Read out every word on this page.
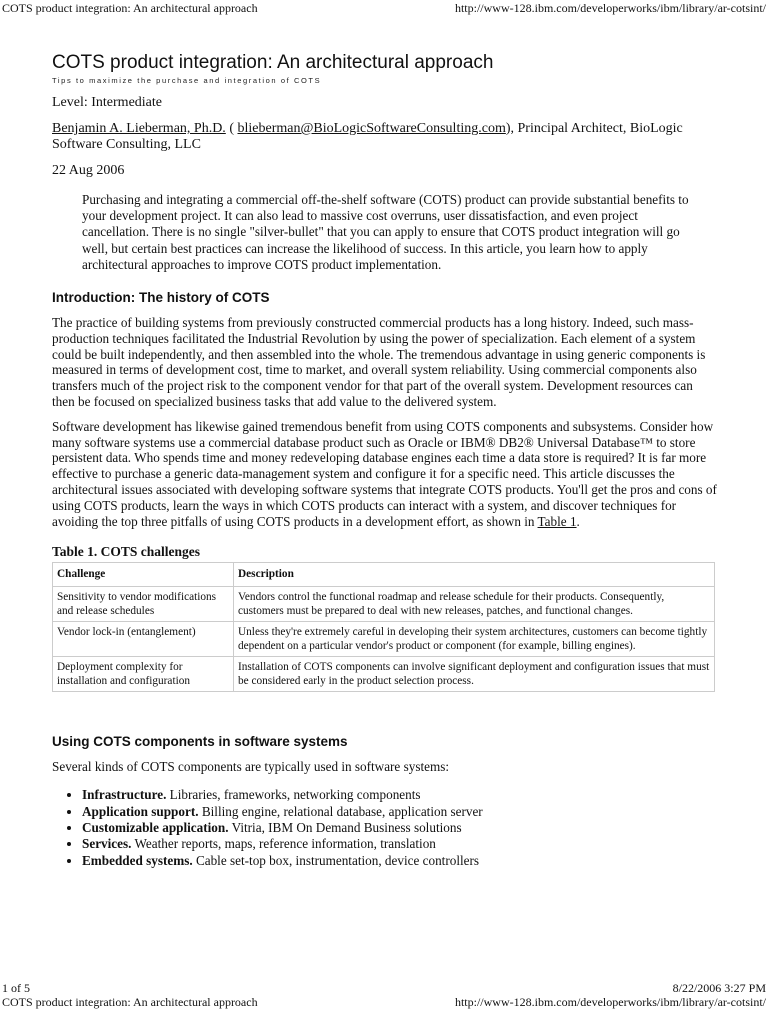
COTS product integration: An architectural approach	http://www-128.ibm.com/developerworks/ibm/library/ar-cotsint/
COTS product integration: An architectural approach
Tips to maximize the purchase and integration of COTS
Level: Intermediate
Benjamin A. Lieberman, Ph.D. ( blieberman@BioLogicSoftwareConsulting.com), Principal Architect, BioLogic Software Consulting, LLC
22 Aug 2006
Purchasing and integrating a commercial off-the-shelf software (COTS) product can provide substantial benefits to your development project. It can also lead to massive cost overruns, user dissatisfaction, and even project cancellation. There is no single "silver-bullet" that you can apply to ensure that COTS product integration will go well, but certain best practices can increase the likelihood of success. In this article, you learn how to apply architectural approaches to improve COTS product implementation.
Introduction: The history of COTS

The practice of building systems from previously constructed commercial products has a long history. Indeed, such mass-production techniques facilitated the Industrial Revolution by using the power of specialization. Each element of a system could be built independently, and then assembled into the whole. The tremendous advantage in using generic components is measured in terms of development cost, time to market, and overall system reliability. Using commercial components also transfers much of the project risk to the component vendor for that part of the overall system. Development resources can then be focused on specialized business tasks that add value to the delivered system.

Software development has likewise gained tremendous benefit from using COTS components and subsystems. Consider how many software systems use a commercial database product such as Oracle or IBM® DB2® Universal Database™ to store persistent data. Who spends time and money redeveloping database engines each time a data store is required? It is far more effective to purchase a generic data-management system and configure it for a specific need. This article discusses the architectural issues associated with developing software systems that integrate COTS products. You'll get the pros and cons of using COTS products, learn the ways in which COTS products can interact with a system, and discover techniques for avoiding the top three pitfalls of using COTS products in a development effort, as shown in Table 1.

Table 1. COTS challenges
Challenge	Description
Sensitivity to vendor modifications and release schedules	Vendors control the functional roadmap and release schedule for their products. Consequently, customers must be prepared to deal with new releases, patches, and functional changes.
Vendor lock-in (entanglement)	Unless they're extremely careful in developing their system architectures, customers can become tightly dependent on a particular vendor's product or component (for example, billing engines).
Deployment complexity for installation and configuration	Installation of COTS components can involve significant deployment and configuration issues that must be considered early in the product selection process.
Using COTS components in software systems

Several kinds of COTS components are typically used in software systems:

• Infrastructure. Libraries, frameworks, networking components
• Application support. Billing engine, relational database, application server
• Customizable application. Vitria, IBM On Demand Business solutions
• Services. Weather reports, maps, reference information, translation
• Embedded systems. Cable set-top box, instrumentation, device controllers
1 of 5	8/22/2006 3:27 PM
COTS product integration: An architectural approach	http://www-128.ibm.com/developerworks/ibm/library/ar-cotsint/
